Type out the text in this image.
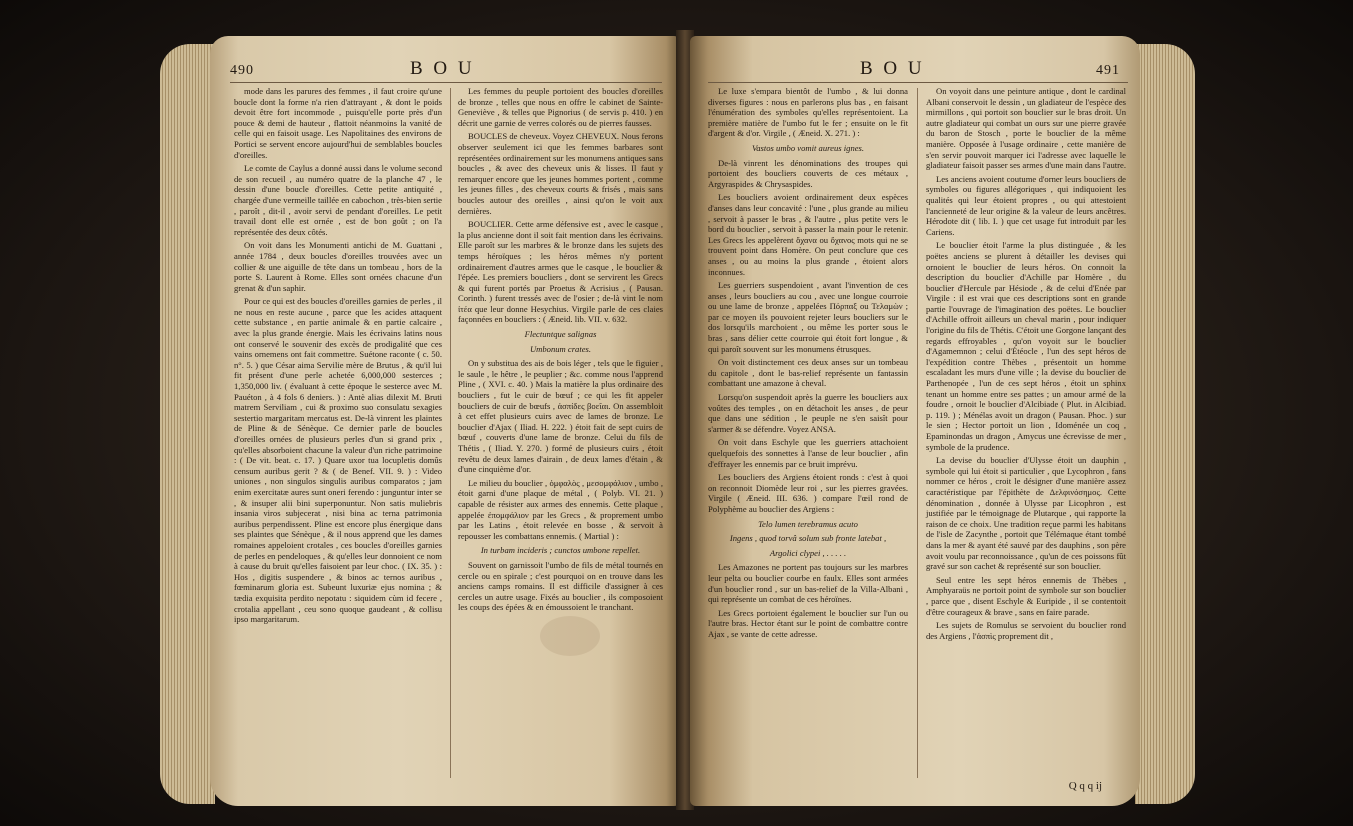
490	B O U

mode dans les parures des femmes , il faut croire qu'une boucle dont la forme n'a rien d'attrayant , & dont le poids devoit être fort incommode , puisqu'elle porte près d'un pouce & demi de hauteur , flattoit néanmoins la vanité de celle qui en faisoit usage. Les Napolitaines des environs de Portici se servent encore aujourd'hui de semblables boucles d'oreilles.

Le comte de Caylus a donné aussi dans le volume second de son recueil , au numéro quatre de la planche 47 , le dessin d'une boucle d'oreilles. Cette petite antiquité , chargée d'une vermeille taillée en cabochon , très-bien sertie , paroît , dit-il , avoir servi de pendant d'oreilles. Le petit travail dont elle est ornée , est de bon goût ; on l'a représentée des deux côtés.

On voit dans les Monumenti antichi de M. Guattani , année 1784 , deux boucles d'oreilles trouvées avec un collier & une aiguille de tête dans un tombeau , hors de la porte S. Laurent à Rome. Elles sont ornées chacune d'un grenat & d'un saphir.

Pour ce qui est des boucles d'oreilles garnies de perles , il ne nous en reste aucune , parce que les acides attaquent cette substance , en partie animale & en partie calcaire , avec la plus grande énergie. Mais les écrivains latins nous ont conservé le souvenir des excès de prodigalité que ces vains ornemens ont fait commettre. Suétone raconte ( c. 50. n°. 5. ) que César aima Servilie mère de Brutus , & qu'il lui fit présent d'une perle achetée 6,000,000 sesterces ; 1,350,000 liv. ( évaluant à cette époque le sesterce avec M. Pauéton , à 4 fols 6 deniers. ) : Antè alias dilexit M. Bruti matrem Serviliam , cui & proximo suo consulatu sexagies sestertio margaritam mercatus est. De-là vinrent les plaintes de Pline & de Sénèque. Ce dernier parle de boucles d'oreilles ornées de plusieurs perles d'un si grand prix , qu'elles absorboient chacune la valeur d'un riche patrimoine : ( De vit. beat. c. 17. ) Quare uxor tua locupletis domûs censum auribus gerit ? & ( de Benef. VII. 9. ) : Video uniones , non singulos singulis auribus comparatos ; jam enim exercitatæ aures sunt oneri ferendo : junguntur inter se , & insuper alii bini superponuntur. Non satis muliebris insania viros subjecerat , nisi bina ac terna patrimonia auribus perpendissent. Pline est encore plus énergique dans ses plaintes que Sénèque , & il nous apprend que les dames romaines appeloient crotales , ces boucles d'oreilles garnies de perles en pendeloques , & qu'elles leur donnoient ce nom à cause du bruit qu'elles faisoient par leur choc. ( IX. 35. ) : Hos , digitis suspendere , & binos ac ternos auribus , fœminarum gloria est. Subeunt luxuriæ ejus nomina ; & tædia exquisita perdito nepotatu : siquidem cùm id fecere , crotalia appellant , ceu sono quoque gaudeant , & collisu ipso margaritarum.

Les femmes du peuple portoient des boucles d'oreilles de bronze , telles que nous en offre le cabinet de Sainte-Geneviève , & telles que Pignorius ( de servis p. 410. ) en décrit une garnie de verres colorés ou de pierres fausses.

BOUCLES de cheveux. Voyez CHEVEUX. Nous ferons observer seulement ici que les femmes barbares sont représentées ordinairement sur les monumens antiques sans boucles , & avec des cheveux unis & lisses. Il faut y remarquer encore que les jeunes hommes portent , comme les jeunes filles , des cheveux courts & frisés , mais sans boucles autour des oreilles , ainsi qu'on le voit aux dernières.

BOUCLIER. Cette arme défensive est , avec le casque , la plus ancienne dont il soit fait mention dans les écrivains. Elle paroît sur les marbres & le bronze dans les sujets des temps héroïques ; les héros mêmes n'y portent ordinairement d'autres armes que le casque , le bouclier & l'épée. Les premiers boucliers , dont se servirent les Grecs & qui furent portés par Proetus & Acrisius , ( Pausan. Corinth. ) furent tressés avec de l'osier ; de-là vint le nom ἰτέα que leur donne Hesychius. Virgile parle de ces claies façonnées en boucliers : ( Æneid. lib. VII. v. 632.

Flectuntque salignas

Umbonum crates.

On y substitua des ais de bois léger , tels que le figuier , le saule , le hêtre , le peuplier ; &c. comme nous l'apprend Pline , ( XVI. c. 40. ) Mais la matière la plus ordinaire des boucliers , fut le cuir de bœuf ; ce qui les fit appeler boucliers de cuir de bœufs , ἀσπίδες βοεῖαι. On assembloit à cet effet plusieurs cuirs avec de lames de bronze. Le bouclier d'Ajax ( Iliad. H. 222. ) étoit fait de sept cuirs de bœuf , couverts d'une lame de bronze. Celui du fils de Thétis , ( Iliad. Y. 270. ) formé de plusieurs cuirs , étoit revêtu de deux lames d'airain , de deux lames d'étain , & d'une cinquième d'or.

Le milieu du bouclier , ὀμφαλὸς , μεσομφάλιον , umbo , étoit garni d'une plaque de métal , ( Polyb. VI. 21. ) capable de résister aux armes des ennemis. Cette plaque , appelée ἐπομφάλιον par les Grecs , & proprement umbo par les Latins , étoit relevée en bosse , & servoit à repousser les combattans ennemis. ( Martial ) :

In turbam incideris ; cunctos umbone repellet.

Souvent on garnissoit l'umbo de fils de métal tournés en cercle ou en spirale ; c'est pourquoi on en trouve dans les anciens camps romains. Il est difficile d'assigner à ces cercles un autre usage. Fixés au bouclier , ils composoient les coups des épées & en émoussoient le tranchant.

B O U	491

Le luxe s'empara bientôt de l'umbo , & lui donna diverses figures : nous en parlerons plus bas , en faisant l'énumération des symboles qu'elles représentoient. La première matière de l'umbo fut le fer ; ensuite on le fit d'argent & d'or. Virgile , ( Æneid. X. 271. ) :

Vastos umbo vomit aureus ignes.

De-là vinrent les dénominations des troupes qui portoient des boucliers couverts de ces métaux , Argyraspides & Chrysaspides.

Les boucliers avoient ordinairement deux espèces d'anses dans leur concavité : l'une , plus grande au milieu , servoit à passer le bras , & l'autre , plus petite vers le bord du bouclier , servoit à passer la main pour le retenir. Les Grecs les appelèrent ὄχανα ou ὄχανος mots qui ne se trouvent point dans Homère. On peut conclure que ces anses , ou au moins la plus grande , étoient alors inconnues.

Les guerriers suspendoient , avant l'invention de ces anses , leurs boucliers au cou , avec une longue courroie ou une lame de bronze , appelées Πόρπαξ ou Τελαμὼν ; par ce moyen ils pouvoient rejeter leurs boucliers sur le dos lorsqu'ils marchoient , ou même les porter sous le bras , sans délier cette courroie qui étoit fort longue , & qui paroît souvent sur les monumens étrusques.

On voit distinctement ces deux anses sur un tombeau du capitole , dont le bas-relief représente un fantassin combattant une amazone à cheval.

Lorsqu'on suspendoit après la guerre les boucliers aux voûtes des temples , on en détachoit les anses , de peur que dans une sédition , le peuple ne s'en saisît pour s'armer & se défendre. Voyez ANSA.

On voit dans Eschyle que les guerriers attachoient quelquefois des sonnettes à l'anse de leur bouclier , afin d'effrayer les ennemis par ce bruit imprévu.

Les boucliers des Argiens étoient ronds : c'est à quoi on reconnoit Diomède leur roi , sur les pierres gravées. Virgile ( Æneid. III. 636. ) compare l'œil rond de Polyphème au bouclier des Argiens :

Telo lumen terebramus acuto

Ingens , quod torvâ solum sub fronte latebat ,

Argolici clypei , . . . . .

Les Amazones ne portent pas toujours sur les marbres leur pelta ou bouclier courbe en faulx. Elles sont armées d'un bouclier rond , sur un bas-relief de la Villa-Albani , qui représente un combat de ces héroïnes.

Les Grecs portoient également le bouclier sur l'un ou l'autre bras. Hector étant sur le point de combattre contre Ajax , se vante de cette adresse.

On voyoit dans une peinture antique , dont le cardinal Albani conservoit le dessin , un gladiateur de l'espèce des mirmillons , qui portoit son bouclier sur le bras droit. Un autre gladiateur qui combat un ours sur une pierre gravée du baron de Stosch , porte le bouclier de la même manière. Opposée à l'usage ordinaire , cette manière de s'en servir pouvoit marquer ici l'adresse avec laquelle le gladiateur faisoit passer ses armes d'une main dans l'autre.

Les anciens avoient coutume d'orner leurs boucliers de symboles ou figures allégoriques , qui indiquoient les qualités qui leur étoient propres , ou qui attestoient l'ancienneté de leur origine & la valeur de leurs ancêtres. Hérodote dit ( lib. I. ) que cet usage fut introduit par les Cariens.

Le bouclier étoit l'arme la plus distinguée , & les poëtes anciens se plurent à détailler les devises qui ornoient le bouclier de leurs héros. On connoit la description du bouclier d'Achille par Homère , du bouclier d'Hercule par Hésiode , & de celui d'Enée par Virgile : il est vrai que ces descriptions sont en grande partie l'ouvrage de l'imagination des poëtes. Le bouclier d'Achille offroit ailleurs un cheval marin , pour indiquer l'origine du fils de Thétis. C'étoit une Gorgone lançant des regards effroyables , qu'on voyoit sur le bouclier d'Agamemnon ; celui d'Étéocle , l'un des sept héros de l'expédition contre Thèbes , présentoit un homme escaladant les murs d'une ville ; la devise du bouclier de Parthenopée , l'un de ces sept héros , étoit un sphinx tenant un homme entre ses pattes ; un amour armé de la foudre , ornoit le bouclier d'Alcibiade ( Plut. in Alcibiad. p. 119. ) ; Ménélas avoit un dragon ( Pausan. Phoc. ) sur le sien ; Hector portoit un lion , Idoménée un coq , Epaminondas un dragon , Amycus une écrevisse de mer , symbole de la prudence.

La devise du bouclier d'Ulysse étoit un dauphin , symbole qui lui étoit si particulier , que Lycophron , fans nommer ce héros , croit le désigner d'une manière assez caractéristique par l'épithète de Δελφινόσημος. Cette dénomination , donnée à Ulysse par Licophron , est justifiée par le témoignage de Plutarque , qui rapporte la raison de ce choix. Une tradition reçue parmi les habitans de l'isle de Zacynthe , portoit que Télémaque étant tombé dans la mer & ayant été sauvé par des dauphins , son père avoit voulu par reconnoissance , qu'un de ces poissons fût gravé sur son cachet & représenté sur son bouclier.

Seul entre les sept héros ennemis de Thèbes , Amphyaraüs ne portoit point de symbole sur son bouclier , parce que , disent Eschyle & Euripide , il se contentoit d'être courageux & brave , sans en faire parade.

Les sujets de Romulus se servoient du bouclier rond des Argiens , l'ἀσπὶς proprement dit ,

Q q q ij
